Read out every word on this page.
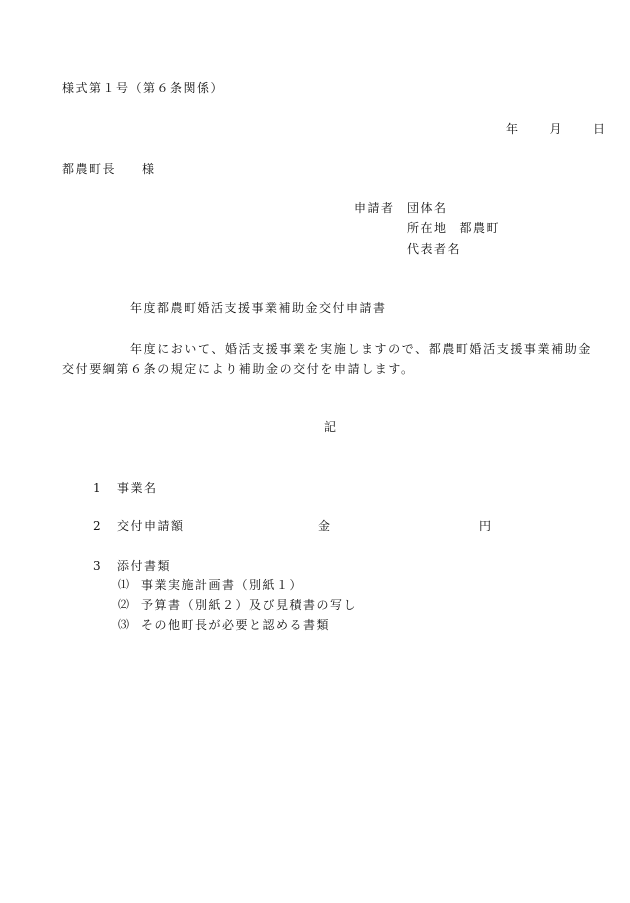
様式第１号（第６条関係）
年	月	日
都農町長 様
申請者 団体名
所在地 都農町
代表者名
年度都農町婚活支援事業補助金交付申請書
年度において、婚活支援事業を実施しますので、都農町婚活支援事業補助金交付要綱第６条の規定により補助金の交付を申請します。
記
1 事業名
2 交付申請額	金	円
3 添付書類
⑴ 事業実施計画書（別紙１）
⑵ 予算書（別紙２）及び見積書の写し
⑶ その他町長が必要と認める書類
